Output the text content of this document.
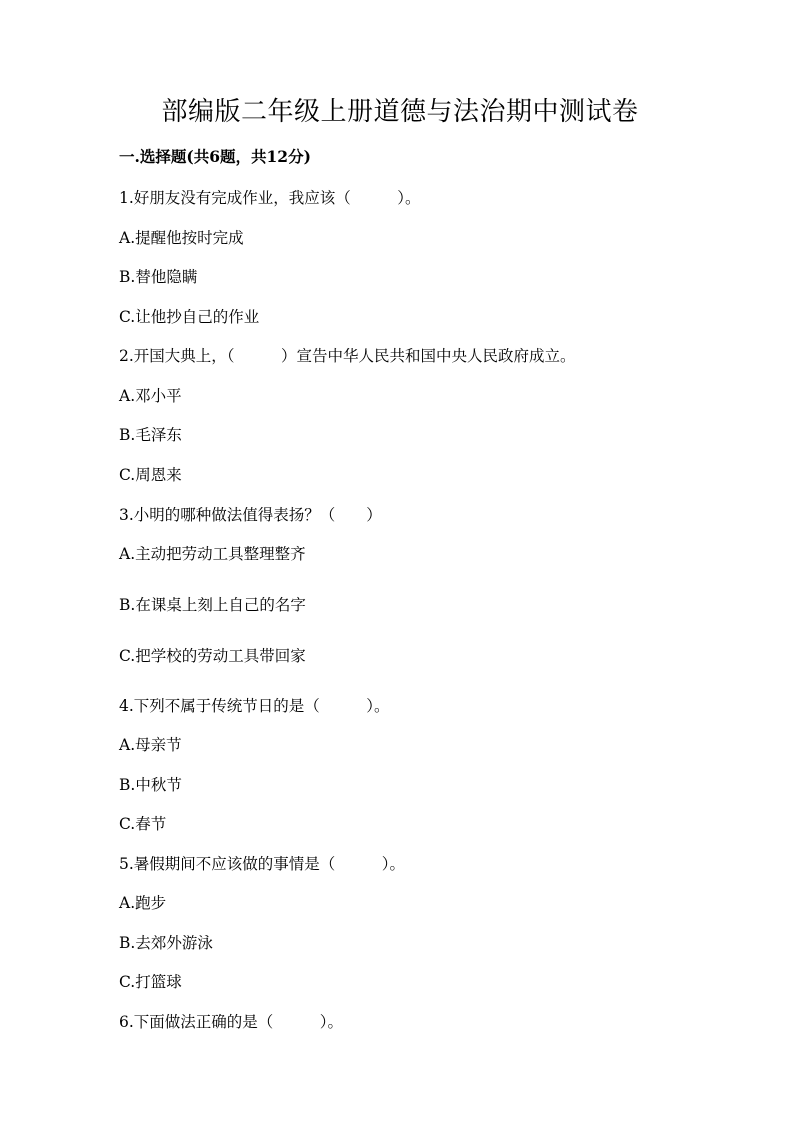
部编版二年级上册道德与法治期中测试卷
一.选择题(共6题，共12分)
1.好朋友没有完成作业，我应该（　　　）。
A.提醒他按时完成
B.替他隐瞒
C.让他抄自己的作业
2.开国大典上，（　　　）宣告中华人民共和国中央人民政府成立。
A.邓小平
B.毛泽东
C.周恩来
3.小明的哪种做法值得表扬？（　　）
A.主动把劳动工具整理整齐
B.在课桌上刻上自己的名字
C.把学校的劳动工具带回家
4.下列不属于传统节日的是（　　　）。
A.母亲节
B.中秋节
C.春节
5.暑假期间不应该做的事情是（　　　）。
A.跑步
B.去郊外游泳
C.打篮球
6.下面做法正确的是（　　　）。
